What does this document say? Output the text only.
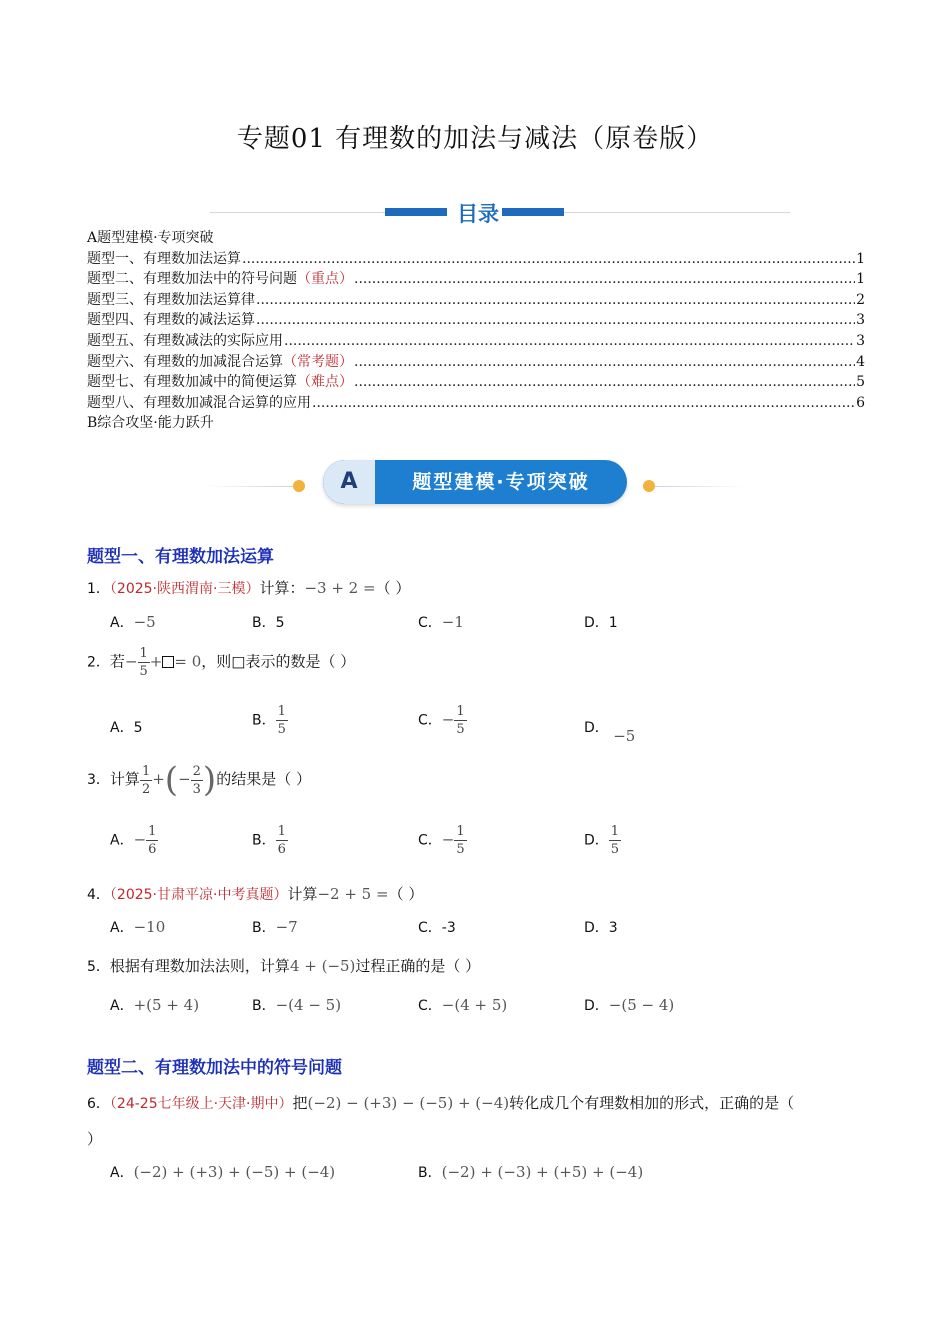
专题01 有理数的加法与减法（原卷版）
目录
A题型建模·专项突破
题型一、有理数加法运算 .....	1
题型二、有理数加法中的符号问题 （重点） .....	1
题型三、有理数加法运算律 .....	2
题型四、有理数的减法运算 .....	3
题型五、有理数减法的实际应用 .....	3
题型六、有理数的加减混合运算 （常考题） .....	4
题型七、有理数加减中的简便运算 （难点） .....	5
题型八、有理数加减混合运算的应用 .....	6
B综合攻坚·能力跃升
A	题型建模·专项突破
题型一、有理数加法运算
1．（2025·陕西渭南·三模）计算：−3 + 2 =（ ）
A．−5	B．5	C．−1	D．1
2．若− $\frac{1}{5}$ + = 0，则□表示的数是（ ）
A．5	B． $\frac{1}{5}$	C．− $\frac{1}{5}$	D． −5
3．计算 $\frac{1}{2}$ +(− $\frac{2}{3}$ )的结果是（ ）
A．− $\frac{1}{6}$	B． $\frac{1}{6}$	C．− $\frac{1}{5}$	D． $\frac{1}{5}$
4．（2025·甘肃平凉·中考真题）计算−2 + 5 =（ ）
A．−10	B．−7	C．-3	D．3
5．根据有理数加法法则，计算4 + (−5)过程正确的是（ ）
A．+(5 + 4)	B．−(4 − 5)	C．−(4 + 5)	D．−(5 − 4)
题型二、有理数加法中的符号问题
6．（24-25七年级上·天津·期中）把(−2) − (+3) − (−5) + (−4)转化成几个有理数相加的形式，正确的是（
）
A．(−2) + (+3) + (−5) + (−4)	B．(−2) + (−3) + (+5) + (−4)
